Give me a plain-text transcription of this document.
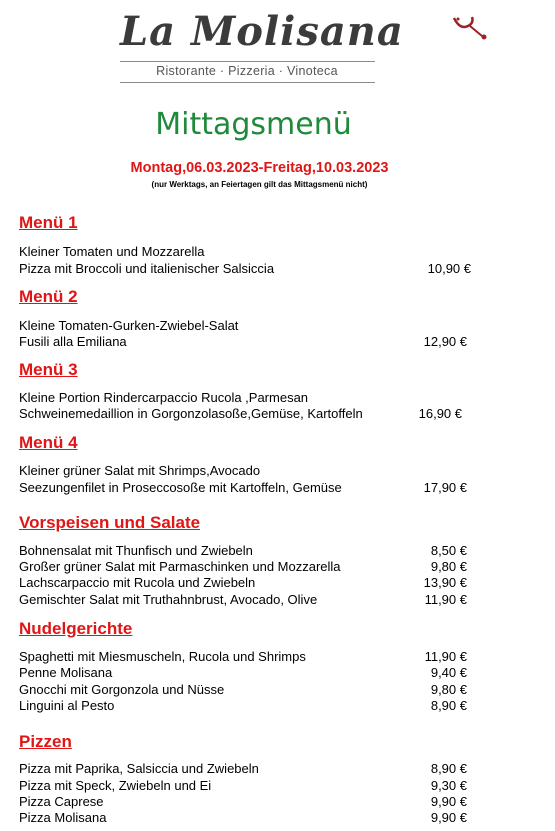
La Molisana
Ristorante · Pizzeria · Vinoteca
Mittagsmenü
Montag,06.03.2023-Freitag,10.03.2023
(nur Werktags, an Feiertagen gilt das Mittagsmenü nicht)
Menü 1
Kleiner Tomaten und Mozzarella
Pizza mit Broccoli und italienischer Salsiccia	10,90 €
Menü 2
Kleine Tomaten-Gurken-Zwiebel-Salat
Fusili alla Emiliana	12,90 €
Menü 3
Kleine Portion Rindercarpaccio Rucola ,Parmesan
Schweinemedaillion in Gorgonzolasoße,Gemüse, Kartoffeln	16,90 €
Menü 4
Kleiner grüner Salat mit Shrimps,Avocado
Seezungenfilet in Proseccosoße mit Kartoffeln, Gemüse	17,90 €
Vorspeisen und Salate
Bohnensalat mit Thunfisch und Zwiebeln	8,50 €
Großer grüner Salat mit Parmaschinken und Mozzarella	9,80 €
Lachscarpaccio mit Rucola und Zwiebeln	13,90 €
Gemischter Salat mit Truthahnbrust, Avocado, Olive	11,90 €
Nudelgerichte
Spaghetti mit Miesmuscheln, Rucola und Shrimps	11,90 €
Penne Molisana	9,40 €
Gnocchi mit Gorgonzola und Nüsse	9,80 €
Linguini al Pesto	8,90 €
Pizzen
Pizza mit Paprika, Salsiccia und Zwiebeln	8,90 €
Pizza mit Speck, Zwiebeln und Ei	9,30 €
Pizza Caprese	9,90 €
Pizza Molisana	9,90 €
